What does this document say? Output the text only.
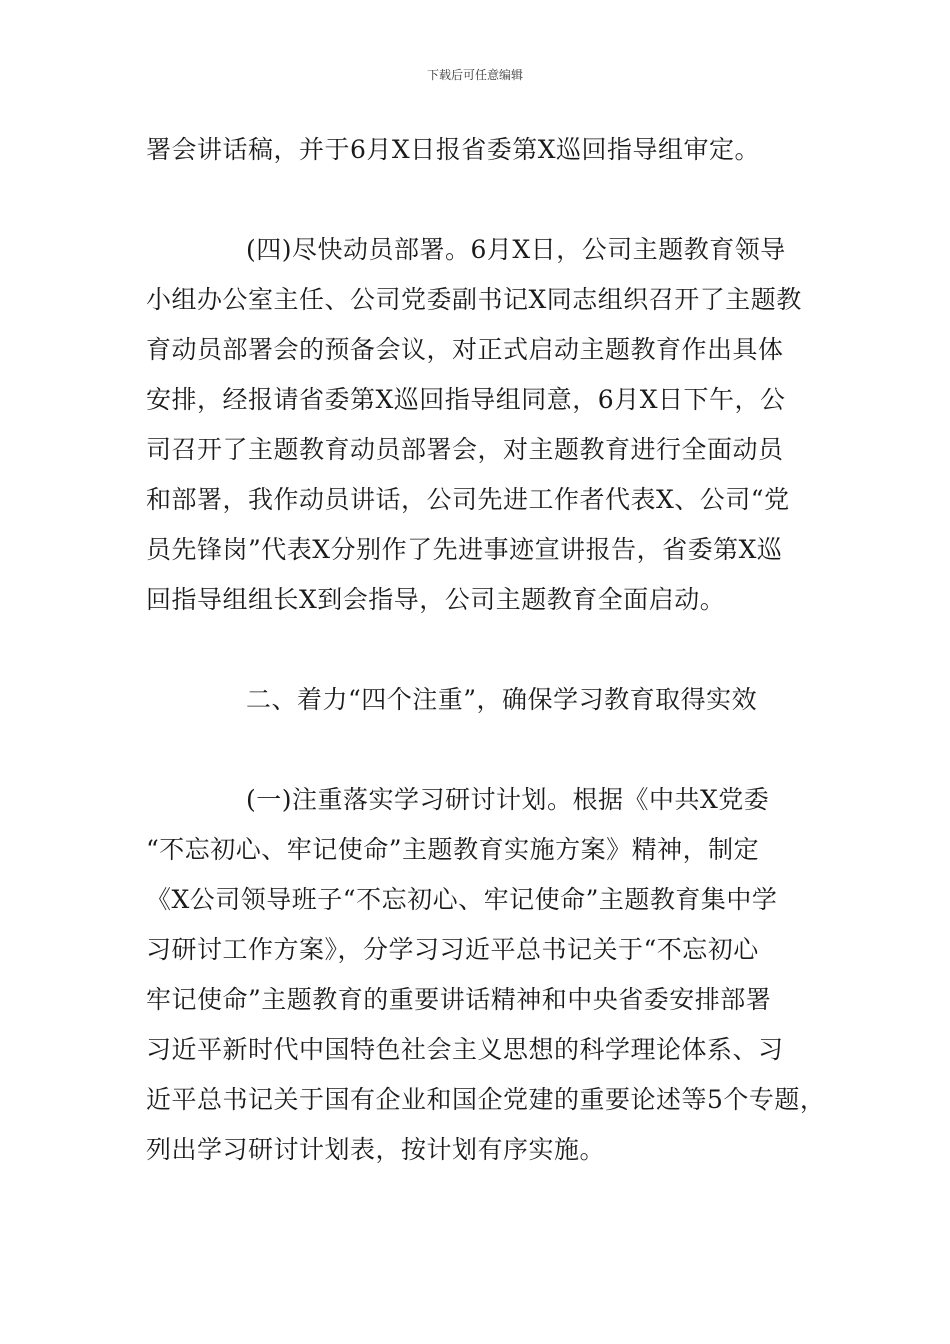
下载后可任意编辑
署会讲话稿，并于6月X日报省委第X巡回指导组审定。
(四)尽快动员部署。6月X日，公司主题教育领导
小组办公室主任、公司党委副书记X同志组织召开了主题教
育动员部署会的预备会议，对正式启动主题教育作出具体
安排，经报请省委第X巡回指导组同意，6月X日下午，公
司召开了主题教育动员部署会，对主题教育进行全面动员
和部署，我作动员讲话，公司先进工作者代表X、公司“党
员先锋岗”代表X分别作了先进事迹宣讲报告，省委第X巡
回指导组组长X到会指导，公司主题教育全面启动。
二、着力“四个注重”，确保学习教育取得实效
(一)注重落实学习研讨计划。根据《中共X党委
“不忘初心、牢记使命”主题教育实施方案》精神，制定
《X公司领导班子“不忘初心、牢记使命”主题教育集中学
习研讨工作方案》，分学习习近平总书记关于“不忘初心
牢记使命”主题教育的重要讲话精神和中央省委安排部署
习近平新时代中国特色社会主义思想的科学理论体系、习
近平总书记关于国有企业和国企党建的重要论述等5个专题，
列出学习研讨计划表，按计划有序实施。
